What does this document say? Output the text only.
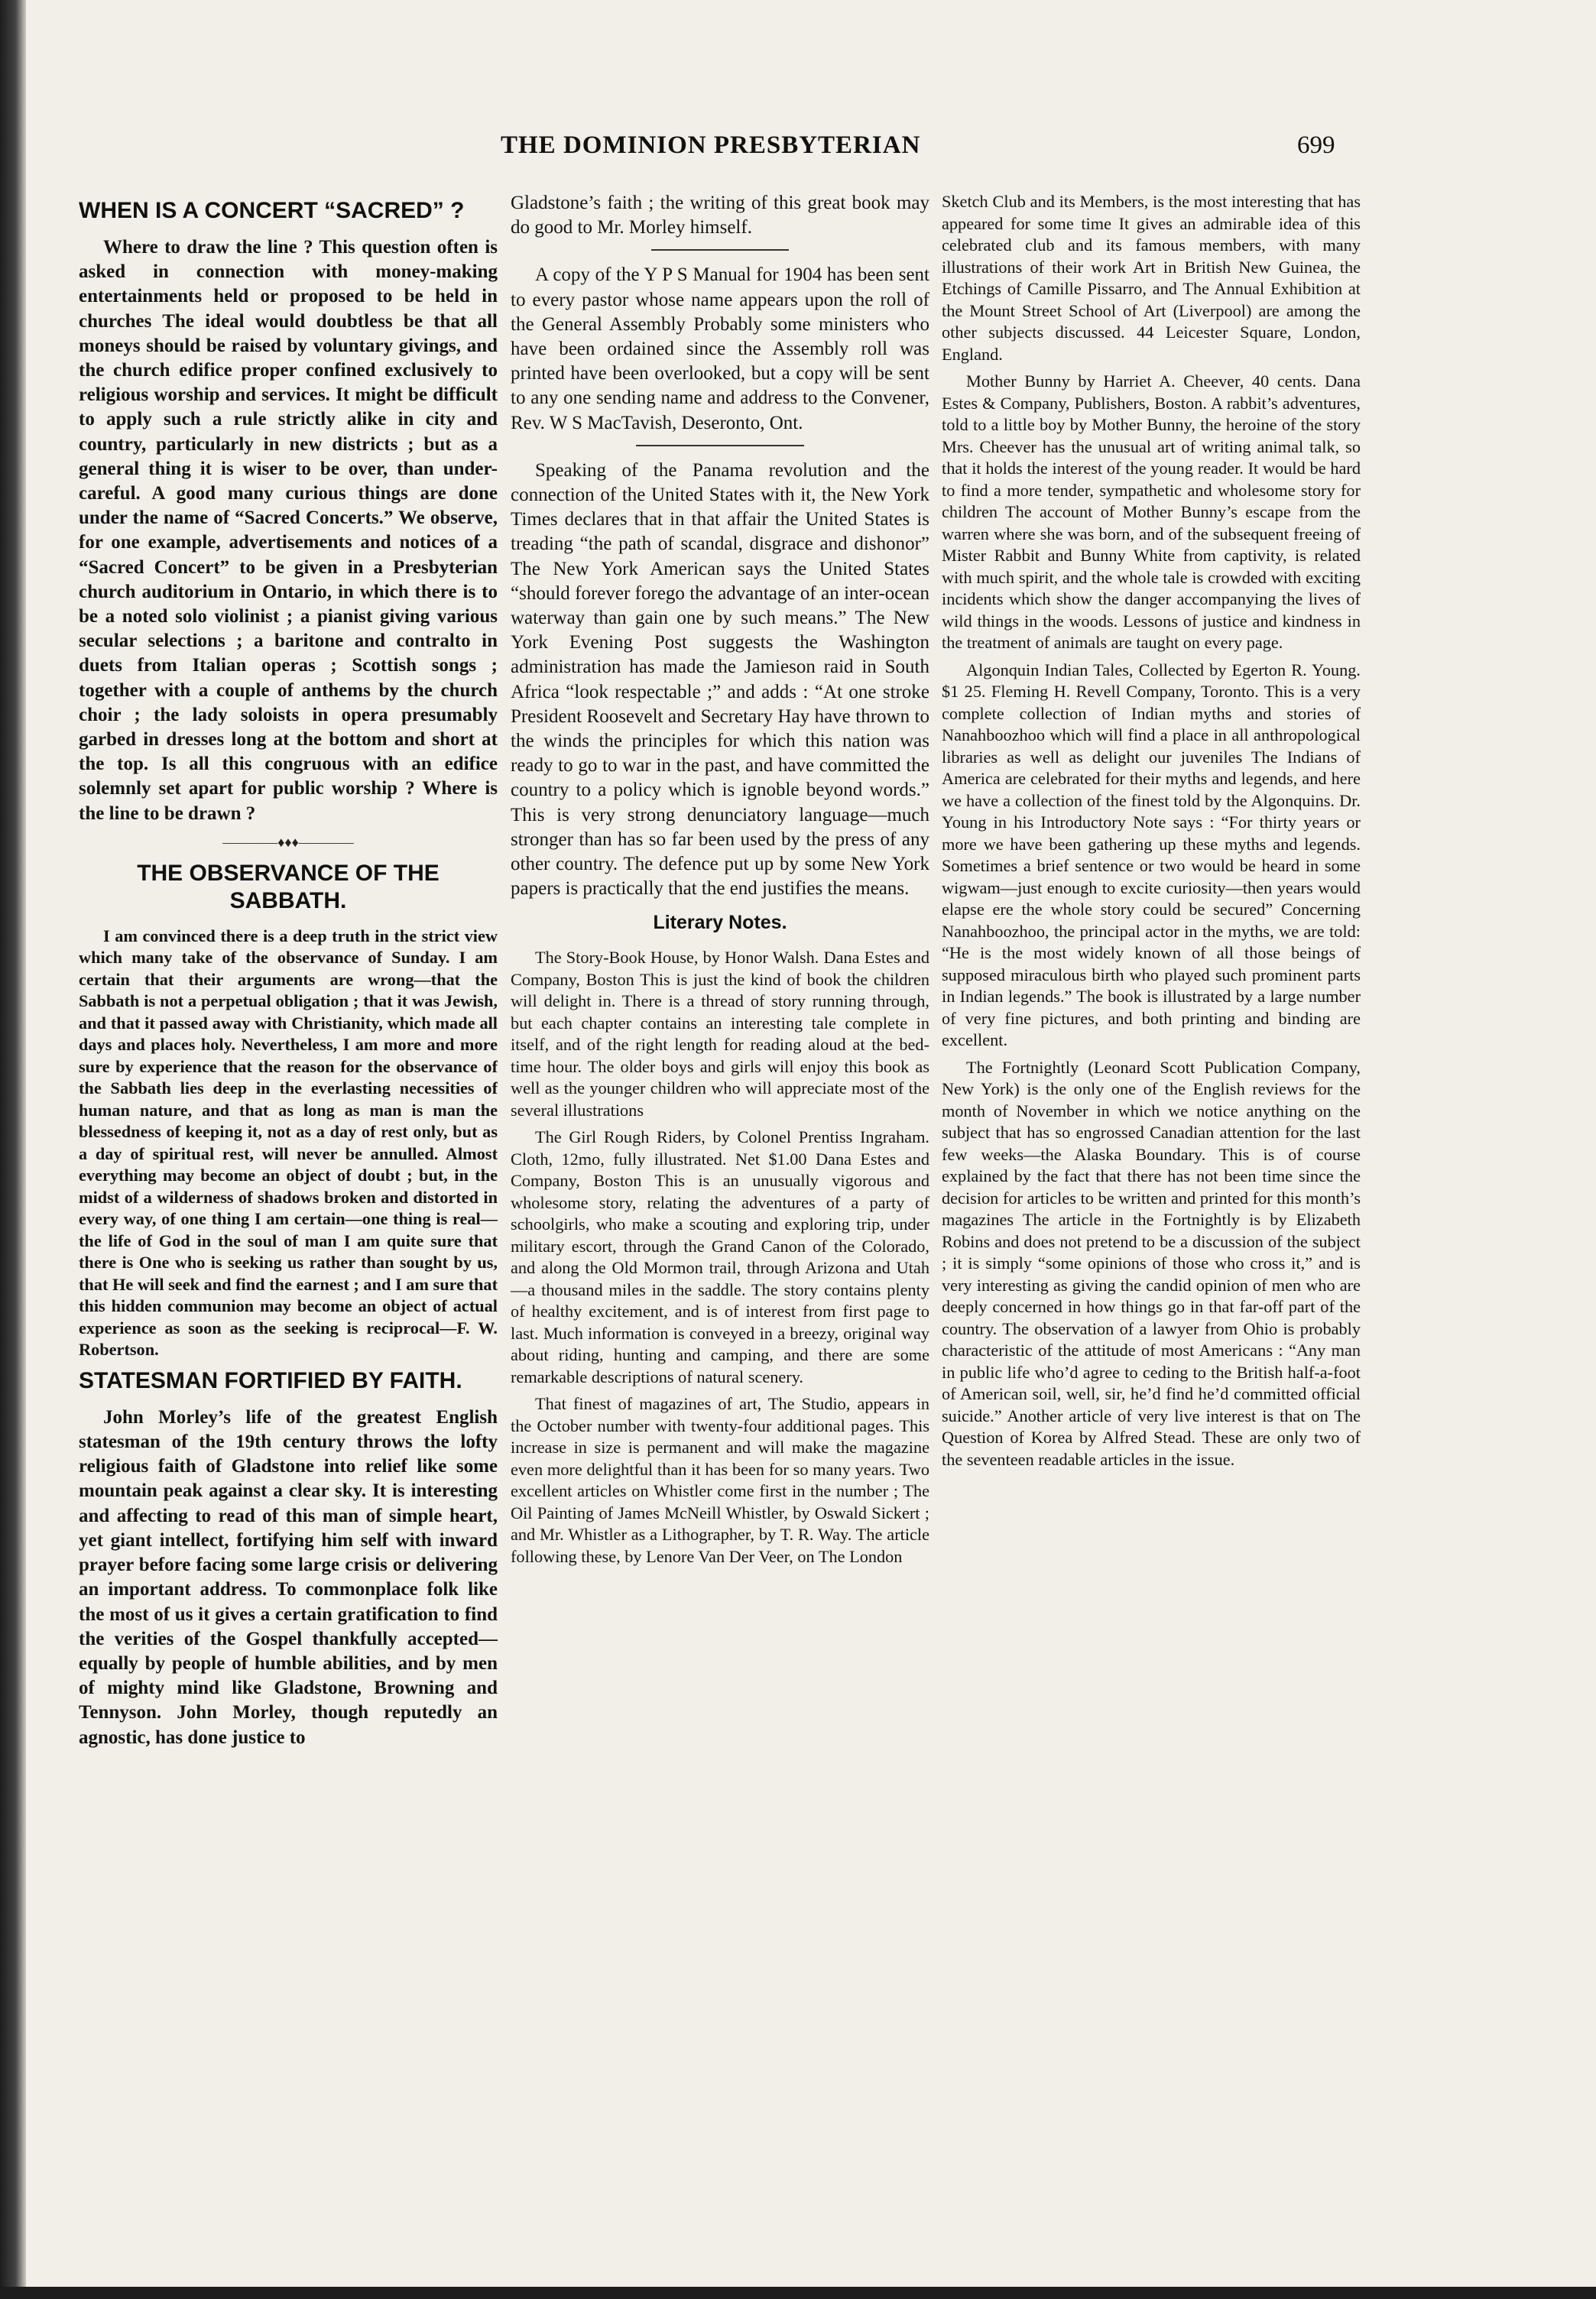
THE DOMINION PRESBYTERIAN	699
WHEN IS A CONCERT “SACRED” ?

Where to draw the line ? This question often is asked in connection with money-making entertainments held or proposed to be held in churches The ideal would doubtless be that all moneys should be raised by voluntary givings, and the church edifice proper confined exclusively to religious worship and services. It might be difficult to apply such a rule strictly alike in city and country, particularly in new districts ; but as a general thing it is wiser to be over, than under-careful. A good many curious things are done under the name of “Sacred Concerts.” We observe, for one example, advertisements and notices of a “Sacred Concert” to be given in a Presbyterian church auditorium in Ontario, in which there is to be a noted solo violinist ; a pianist giving various secular selections ; a baritone and contralto in duets from Italian operas ; Scottish songs ; together with a couple of anthems by the church choir ; the lady soloists in opera presumably garbed in dresses long at the bottom and short at the top. Is all this congruous with an edifice solemnly set apart for public worship ? Where is the line to be drawn ?

————♦♦♦————
THE OBSERVANCE OF THE SABBATH.

I am convinced there is a deep truth in the strict view which many take of the observance of Sunday. I am certain that their arguments are wrong—that the Sabbath is not a perpetual obligation ; that it was Jewish, and that it passed away with Christianity, which made all days and places holy. Nevertheless, I am more and more sure by experience that the reason for the observance of the Sabbath lies deep in the everlasting necessities of human nature, and that as long as man is man the blessedness of keeping it, not as a day of rest only, but as a day of spiritual rest, will never be annulled. Almost everything may become an object of doubt ; but, in the midst of a wilderness of shadows broken and distorted in every way, of one thing I am certain—one thing is real—the life of God in the soul of man I am quite sure that there is One who is seeking us rather than sought by us, that He will seek and find the earnest ; and I am sure that this hidden communion may become an object of actual experience as soon as the seeking is reciprocal—F. W. Robertson.

STATESMAN FORTIFIED BY FAITH.

John Morley’s life of the greatest English statesman of the 19th century throws the lofty religious faith of Gladstone into relief like some mountain peak against a clear sky. It is interesting and affecting to read of this man of simple heart, yet giant intellect, fortifying him self with inward prayer before facing some large crisis or delivering an important address. To commonplace folk like the most of us it gives a certain gratification to find the verities of the Gospel thankfully accepted—equally by people of humble abilities, and by men of mighty mind like Gladstone, Browning and Tennyson. John Morley, though reputedly an agnostic, has done justice to

Gladstone’s faith ; the writing of this great book may do good to Mr. Morley himself.

A copy of the Y P S Manual for 1904 has been sent to every pastor whose name appears upon the roll of the General Assembly Probably some ministers who have been ordained since the Assembly roll was printed have been overlooked, but a copy will be sent to any one sending name and address to the Convener, Rev. W S MacTavish, Deseronto, Ont.

Speaking of the Panama revolution and the connection of the United States with it, the New York Times declares that in that affair the United States is treading “the path of scandal, disgrace and dishonor” The New York American says the United States “should forever forego the advantage of an inter-ocean waterway than gain one by such means.” The New York Evening Post suggests the Washington administration has made the Jamieson raid in South Africa “look respectable ;” and adds : “At one stroke President Roosevelt and Secretary Hay have thrown to the winds the principles for which this nation was ready to go to war in the past, and have committed the country to a policy which is ignoble beyond words.” This is very strong denunciatory language—much stronger than has so far been used by the press of any other country. The defence put up by some New York papers is practically that the end justifies the means.

Literary Notes.

The Story-Book House, by Honor Walsh. Dana Estes and Company, Boston This is just the kind of book the children will delight in. There is a thread of story running through, but each chapter contains an interesting tale complete in itself, and of the right length for reading aloud at the bed-time hour. The older boys and girls will enjoy this book as well as the younger children who will appreciate most of the several illustrations

The Girl Rough Riders, by Colonel Prentiss Ingraham. Cloth, 12mo, fully illustrated. Net $1.00 Dana Estes and Company, Boston This is an unusually vigorous and wholesome story, relating the adventures of a party of schoolgirls, who make a scouting and exploring trip, under military escort, through the Grand Canon of the Colorado, and along the Old Mormon trail, through Arizona and Utah—a thousand miles in the saddle. The story contains plenty of healthy excitement, and is of interest from first page to last. Much information is conveyed in a breezy, original way about riding, hunting and camping, and there are some remarkable descriptions of natural scenery.

That finest of magazines of art, The Studio, appears in the October number with twenty-four additional pages. This increase in size is permanent and will make the magazine even more delightful than it has been for so many years. Two excellent articles on Whistler come first in the number ; The Oil Painting of James McNeill Whistler, by Oswald Sickert ; and Mr. Whistler as a Lithographer, by T. R. Way. The article following these, by Lenore Van Der Veer, on The London

Sketch Club and its Members, is the most interesting that has appeared for some time It gives an admirable idea of this celebrated club and its famous members, with many illustrations of their work Art in British New Guinea, the Etchings of Camille Pissarro, and The Annual Exhibition at the Mount Street School of Art (Liverpool) are among the other subjects discussed. 44 Leicester Square, London, England.

Mother Bunny by Harriet A. Cheever, 40 cents. Dana Estes & Company, Publishers, Boston. A rabbit’s adventures, told to a little boy by Mother Bunny, the heroine of the story Mrs. Cheever has the unusual art of writing animal talk, so that it holds the interest of the young reader. It would be hard to find a more tender, sympathetic and wholesome story for children The account of Mother Bunny’s escape from the warren where she was born, and of the subsequent freeing of Mister Rabbit and Bunny White from captivity, is related with much spirit, and the whole tale is crowded with exciting incidents which show the danger accompanying the lives of wild things in the woods. Lessons of justice and kindness in the treatment of animals are taught on every page.

Algonquin Indian Tales, Collected by Egerton R. Young. $1 25. Fleming H. Revell Company, Toronto. This is a very complete collection of Indian myths and stories of Nanahboozhoo which will find a place in all anthropological libraries as well as delight our juveniles The Indians of America are celebrated for their myths and legends, and here we have a collection of the finest told by the Algonquins. Dr. Young in his Introductory Note says : “For thirty years or more we have been gathering up these myths and legends. Sometimes a brief sentence or two would be heard in some wigwam—just enough to excite curiosity—then years would elapse ere the whole story could be secured” Concerning Nanahboozhoo, the principal actor in the myths, we are told: “He is the most widely known of all those beings of supposed miraculous birth who played such prominent parts in Indian legends.” The book is illustrated by a large number of very fine pictures, and both printing and binding are excellent.

The Fortnightly (Leonard Scott Publication Company, New York) is the only one of the English reviews for the month of November in which we notice anything on the subject that has so engrossed Canadian attention for the last few weeks—the Alaska Boundary. This is of course explained by the fact that there has not been time since the decision for articles to be written and printed for this month’s magazines The article in the Fortnightly is by Elizabeth Robins and does not pretend to be a discussion of the subject ; it is simply “some opinions of those who cross it,” and is very interesting as giving the candid opinion of men who are deeply concerned in how things go in that far-off part of the country. The observation of a lawyer from Ohio is probably characteristic of the attitude of most Americans : “Any man in public life who’d agree to ceding to the British half-a-foot of American soil, well, sir, he’d find he’d committed official suicide.” Another article of very live interest is that on The Question of Korea by Alfred Stead. These are only two of the seventeen readable articles in the issue.
